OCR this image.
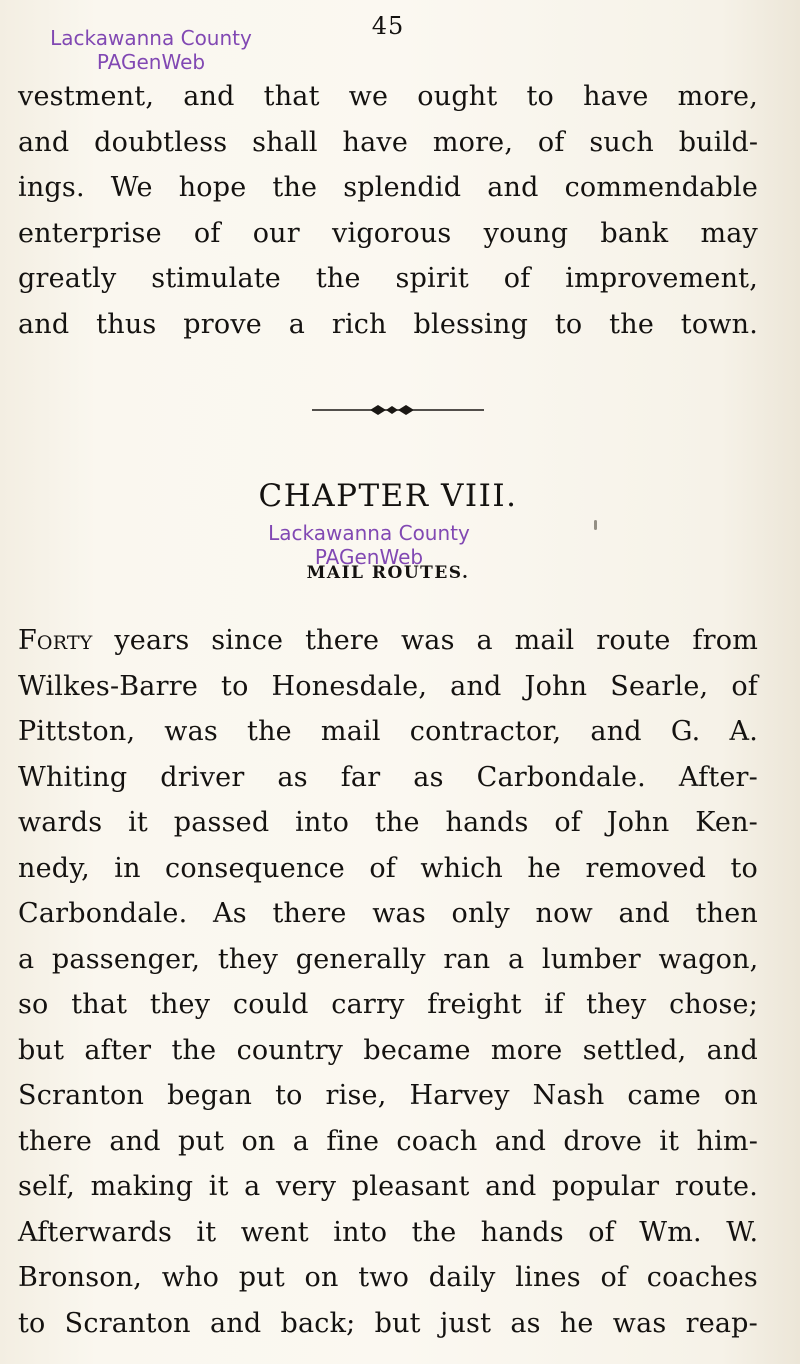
45
Lackawanna County
PAGenWeb
vestment, and that we ought to have more,
and doubtless shall have more, of such build-
ings. We hope the splendid and commendable
enterprise of our vigorous young bank may
greatly stimulate the spirit of improvement,
and thus prove a rich blessing to the town.
CHAPTER VIII.
Lackawanna County
PAGenWeb
MAIL ROUTES.
Forty years since there was a mail route from
Wilkes-Barre to Honesdale, and John Searle, of
Pittston, was the mail contractor, and G. A.
Whiting driver as far as Carbondale. After-
wards it passed into the hands of John Ken-
nedy, in consequence of which he removed to
Carbondale. As there was only now and then
a passenger, they generally ran a lumber wagon,
so that they could carry freight if they chose;
but after the country became more settled, and
Scranton began to rise, Harvey Nash came on
there and put on a fine coach and drove it him-
self, making it a very pleasant and popular route.
Afterwards it went into the hands of Wm. W.
Bronson, who put on two daily lines of coaches
to Scranton and back; but just as he was reap-
